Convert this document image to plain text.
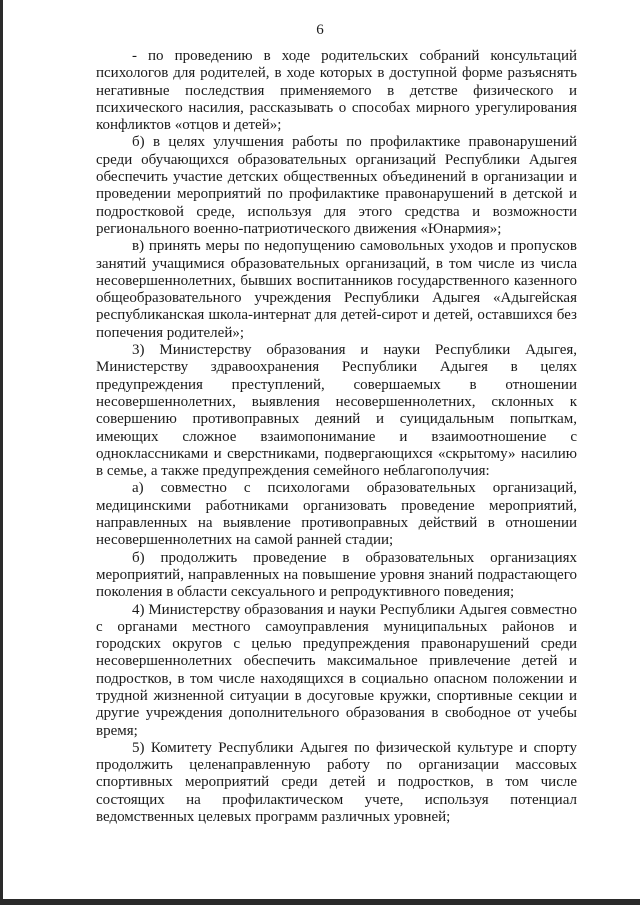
6

- по проведению в ходе родительских собраний консультаций психологов для родителей, в ходе которых в доступной форме разъяснять негативные последствия применяемого в детстве физического и психического насилия, рассказывать о способах мирного урегулирования конфликтов «отцов и детей»;

б) в целях улучшения работы по профилактике правонарушений среди обучающихся образовательных организаций Республики Адыгея обеспечить участие детских общественных объединений в организации и проведении мероприятий по профилактике правонарушений в детской и подростковой среде, используя для этого средства и возможности регионального военно-патриотического движения «Юнармия»;

в) принять меры по недопущению самовольных уходов и пропусков занятий учащимися образовательных организаций, в том числе из числа несовершеннолетних, бывших воспитанников государственного казенного общеобразовательного учреждения Республики Адыгея «Адыгейская республиканская школа-интернат для детей-сирот и детей, оставшихся без попечения родителей»;

3) Министерству образования и науки Республики Адыгея, Министерству здравоохранения Республики Адыгея в целях предупреждения преступлений, совершаемых в отношении несовершеннолетних, выявления несовершеннолетних, склонных к совершению противоправных деяний и суицидальным попыткам, имеющих сложное взаимопонимание и взаимоотношение с одноклассниками и сверстниками, подвергающихся «скрытому» насилию в семье, а также предупреждения семейного неблагополучия:

а) совместно с психологами образовательных организаций, медицинскими работниками организовать проведение мероприятий, направленных на выявление противоправных действий в отношении несовершеннолетних на самой ранней стадии;

б) продолжить проведение в образовательных организациях мероприятий, направленных на повышение уровня знаний подрастающего поколения в области сексуального и репродуктивного поведения;

4) Министерству образования и науки Республики Адыгея совместно с органами местного самоуправления муниципальных районов и городских округов с целью предупреждения правонарушений среди несовершеннолетних обеспечить максимальное привлечение детей и подростков, в том числе находящихся в социально опасном положении и трудной жизненной ситуации в досуговые кружки, спортивные секции и другие учреждения дополнительного образования в свободное от учебы время;

5) Комитету Республики Адыгея по физической культуре и спорту продолжить целенаправленную работу по организации массовых спортивных мероприятий среди детей и подростков, в том числе состоящих на профилактическом учете, используя потенциал ведомственных целевых программ различных уровней;
